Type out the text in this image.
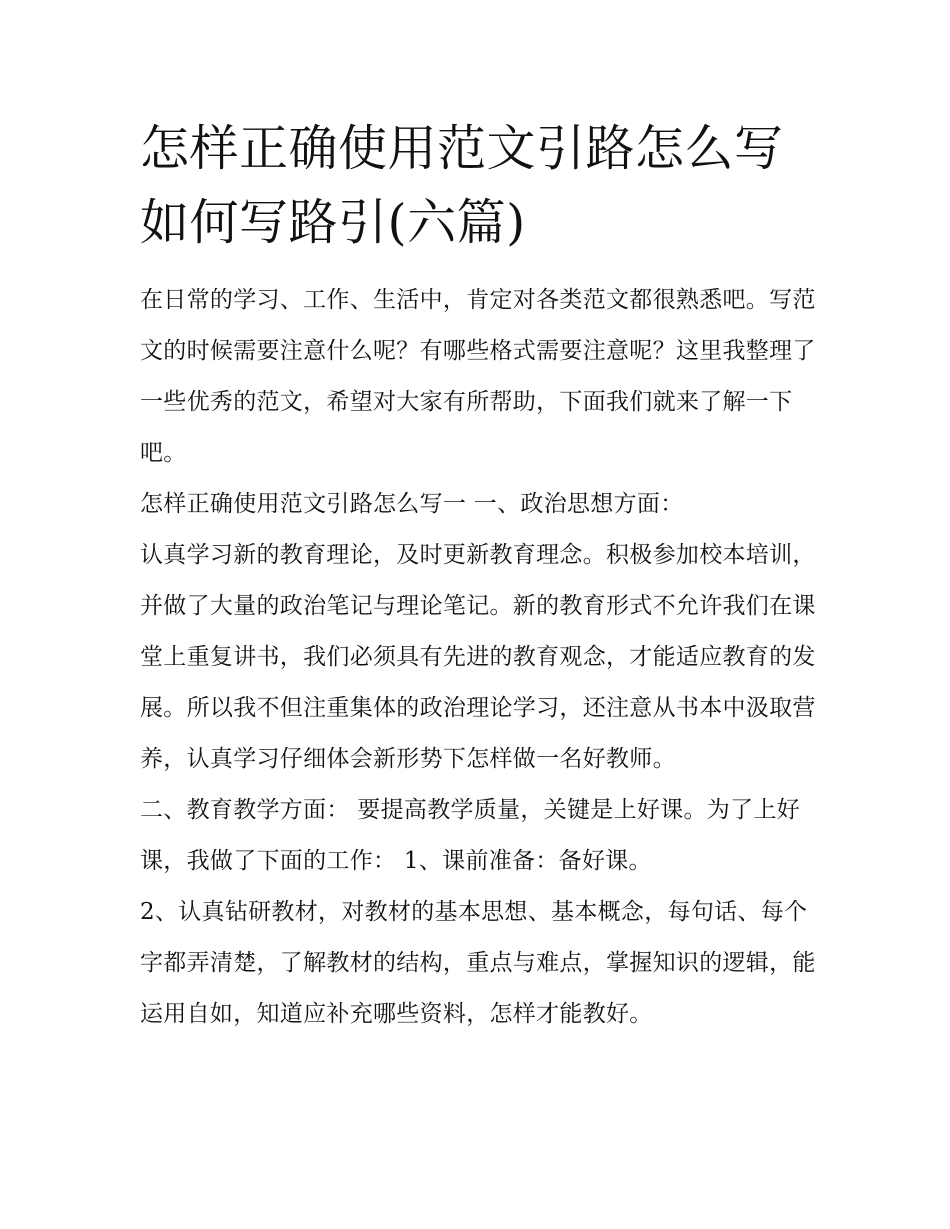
怎样正确使用范文引路怎么写如何写路引(六篇)

在日常的学习、工作、生活中，肯定对各类范文都很熟悉吧。写范文的时候需要注意什么呢？有哪些格式需要注意呢？这里我整理了一些优秀的范文，希望对大家有所帮助，下面我们就来了解一下吧。

怎样正确使用范文引路怎么写一 一、政治思想方面：

认真学习新的教育理论，及时更新教育理念。积极参加校本培训，并做了大量的政治笔记与理论笔记。新的教育形式不允许我们在课堂上重复讲书，我们必须具有先进的教育观念，才能适应教育的发展。所以我不但注重集体的政治理论学习，还注意从书本中汲取营养，认真学习仔细体会新形势下怎样做一名好教师。

二、教育教学方面： 要提高教学质量，关键是上好课。为了上好课，我做了下面的工作： 1、课前准备：备好课。

2、认真钻研教材，对教材的基本思想、基本概念，每句话、每个字都弄清楚，了解教材的结构，重点与难点，掌握知识的逻辑，能运用自如，知道应补充哪些资料，怎样才能教好。
